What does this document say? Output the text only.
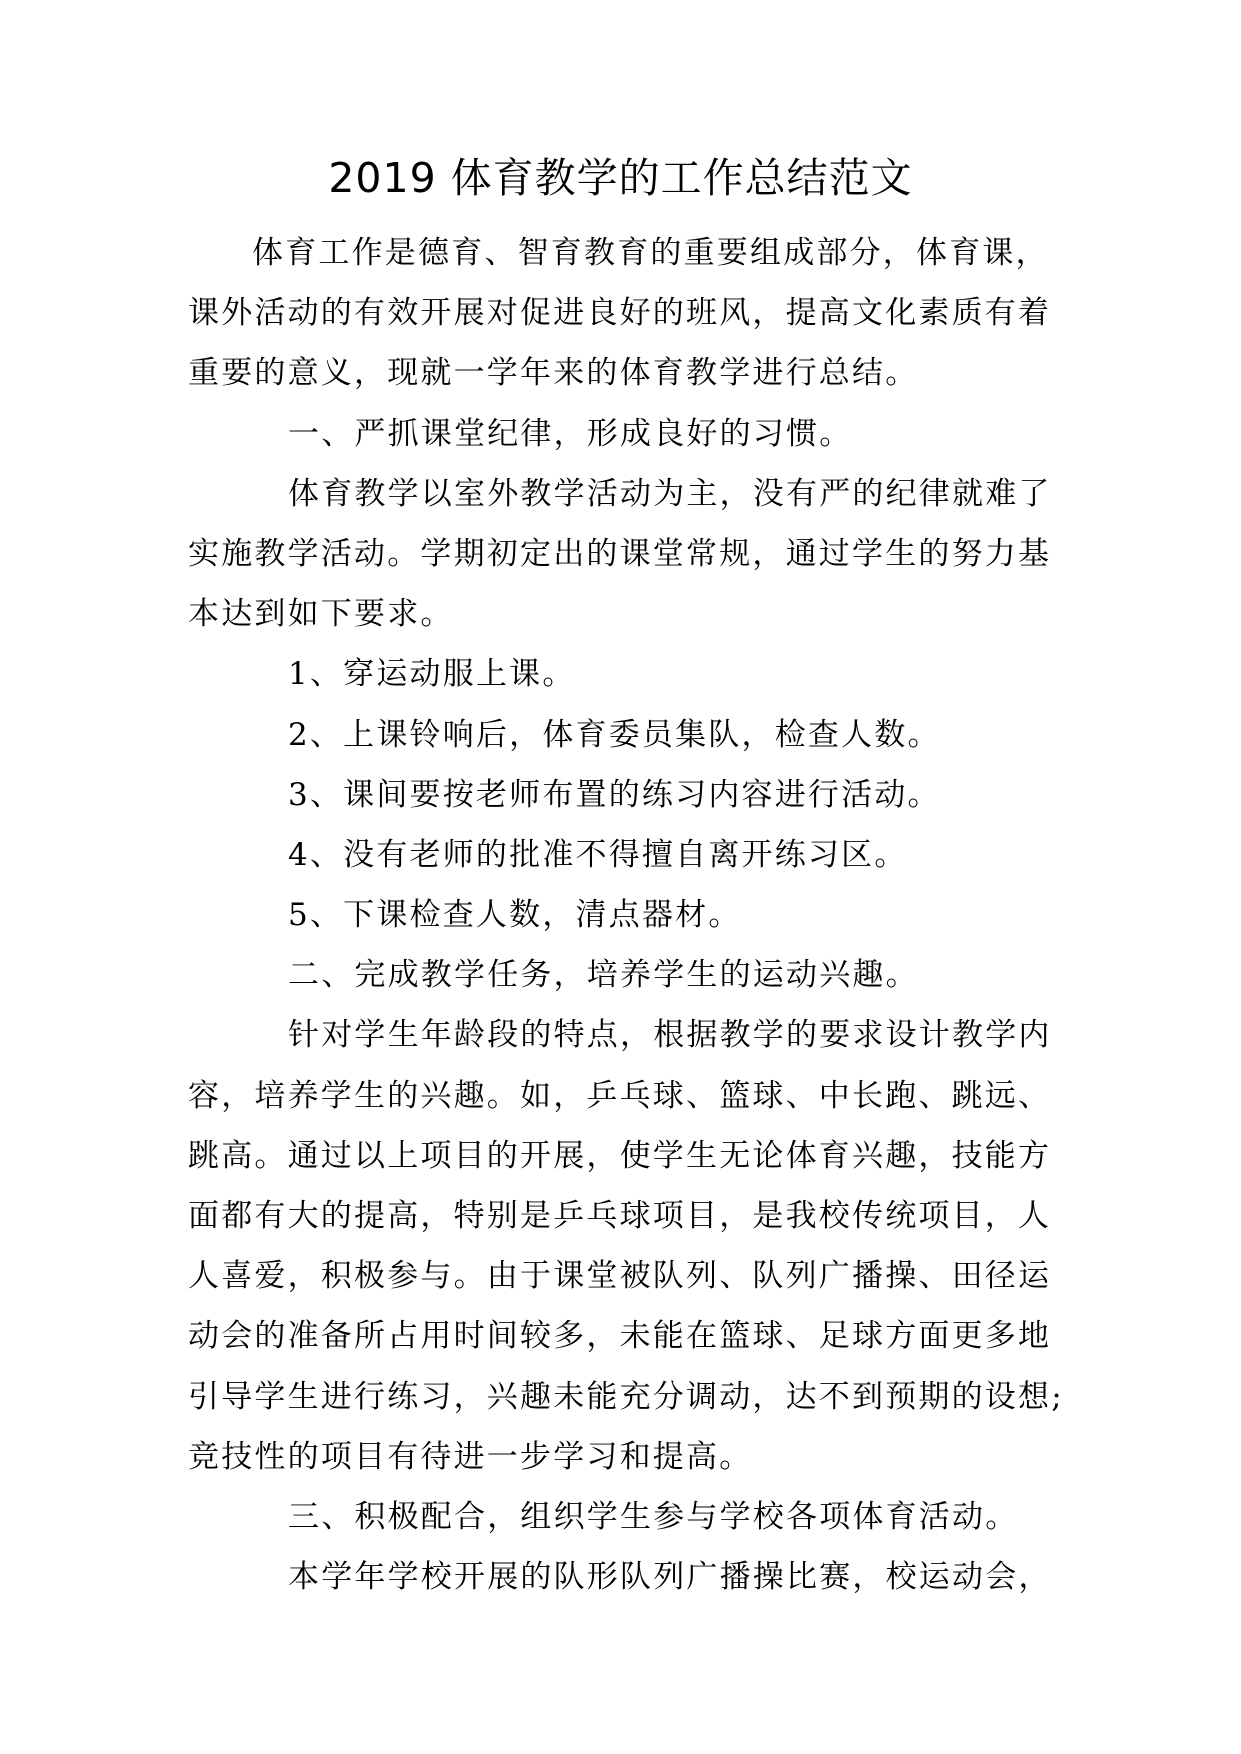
2019 体育教学的工作总结范文
体育工作是德育、智育教育的重要组成部分，体育课，
课外活动的有效开展对促进良好的班风，提高文化素质有着
重要的意义，现就一学年来的体育教学进行总结。
一、严抓课堂纪律，形成良好的习惯。
体育教学以室外教学活动为主，没有严的纪律就难了
实施教学活动。学期初定出的课堂常规，通过学生的努力基
本达到如下要求。
1、穿运动服上课。
2、上课铃响后，体育委员集队，检查人数。
3、课间要按老师布置的练习内容进行活动。
4、没有老师的批准不得擅自离开练习区。
5、下课检查人数，清点器材。
二、完成教学任务，培养学生的运动兴趣。
针对学生年龄段的特点，根据教学的要求设计教学内
容，培养学生的兴趣。如，乒乓球、篮球、中长跑、跳远、
跳高。通过以上项目的开展，使学生无论体育兴趣，技能方
面都有大的提高，特别是乒乓球项目，是我校传统项目，人
人喜爱，积极参与。由于课堂被队列、队列广播操、田径运
动会的准备所占用时间较多，未能在篮球、足球方面更多地
引导学生进行练习，兴趣未能充分调动，达不到预期的设想;
竞技性的项目有待进一步学习和提高。
三、积极配合，组织学生参与学校各项体育活动。
本学年学校开展的队形队列广播操比赛，校运动会，
